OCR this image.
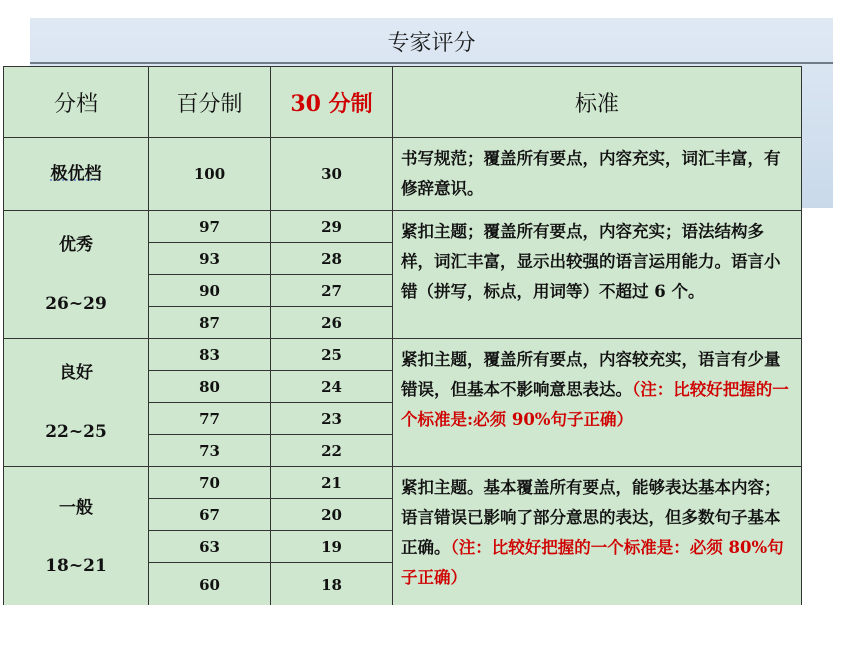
专家评分
分档	百分制	30 分制	标准
极优档	100	30	书写规范；覆盖所有要点，内容充实，词汇丰富，有修辞意识。

优秀
26~29	97	29	紧扣主题；覆盖所有要点，内容充实；语法结构多样，词汇丰富，显示出较强的语言运用能力。语言小错（拼写，标点，用词等）不超过 6 个。
	93	28	
	90	27	
	87	26	

良好
22~25	83	25	紧扣主题，覆盖所有要点，内容较充实，语言有少量错误，但基本不影响意思表达。（注：比较好把握的一个标准是:必须 90%句子正确）
	80	24	
	77	23	
	73	22	

一般
18~21	70	21	紧扣主题。基本覆盖所有要点，能够表达基本内容；语言错误已影响了部分意思的表达，但多数句子基本正确。（注：比较好把握的一个标准是：必须 80%句子正确）
	67	20	
	63	19	
	60	18	
